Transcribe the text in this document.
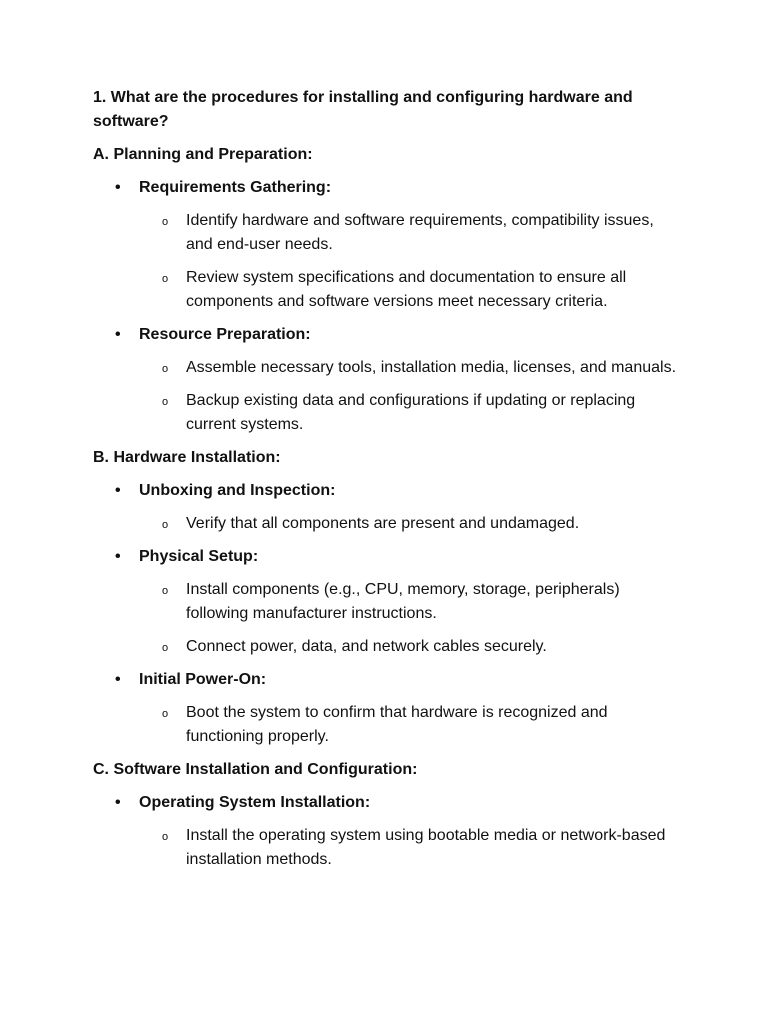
1. What are the procedures for installing and configuring hardware and software?
A. Planning and Preparation:
• Requirements Gathering:
o Identify hardware and software requirements, compatibility issues, and end-user needs.
o Review system specifications and documentation to ensure all components and software versions meet necessary criteria.
• Resource Preparation:
o Assemble necessary tools, installation media, licenses, and manuals.
o Backup existing data and configurations if updating or replacing current systems.
B. Hardware Installation:
• Unboxing and Inspection:
o Verify that all components are present and undamaged.
• Physical Setup:
o Install components (e.g., CPU, memory, storage, peripherals) following manufacturer instructions.
o Connect power, data, and network cables securely.
• Initial Power-On:
o Boot the system to confirm that hardware is recognized and functioning properly.
C. Software Installation and Configuration:
• Operating System Installation:
o Install the operating system using bootable media or network-based installation methods.
